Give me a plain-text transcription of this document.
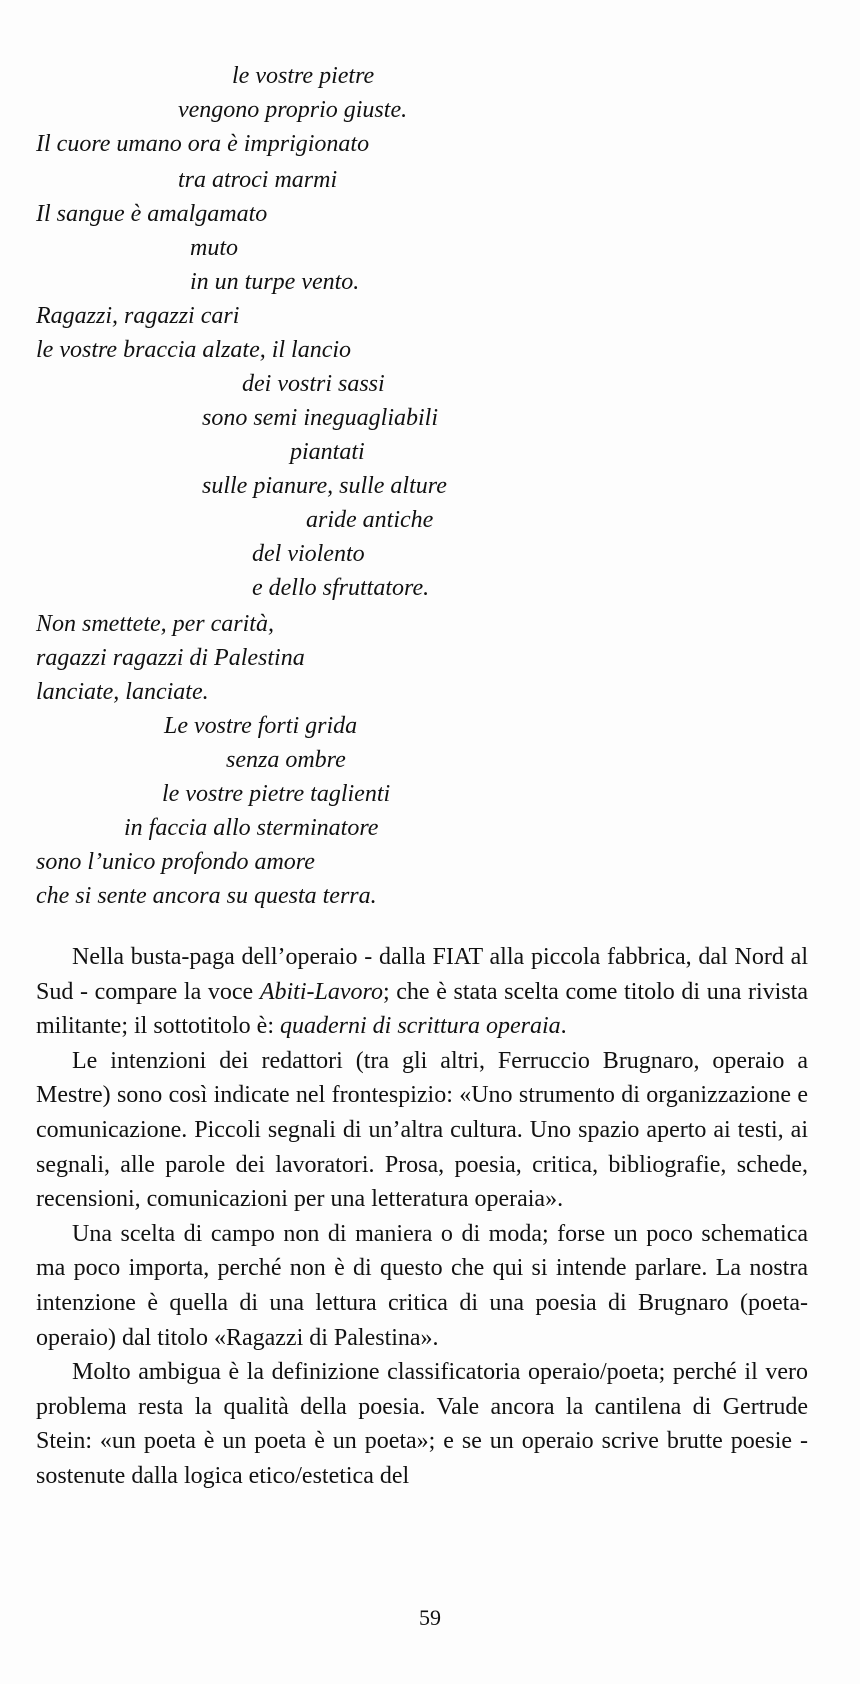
le vostre pietre
vengono proprio giuste.
Il cuore umano ora è imprigionato
tra atroci marmi
Il sangue è amalgamato
muto
in un turpe vento.
Ragazzi, ragazzi cari
le vostre braccia alzate, il lancio
dei vostri sassi
sono semi ineguagliabili
piantati
sulle pianure, sulle alture
aride antiche
del violento
e dello sfruttatore.
Non smettete, per carità,
ragazzi ragazzi di Palestina
lanciate, lanciate.
Le vostre forti grida
senza ombre
le vostre pietre taglienti
in faccia allo sterminatore
sono l’unico profondo amore
che si sente ancora su questa terra.

Nella busta-paga dell’operaio - dalla FIAT alla piccola fabbrica, dal Nord al Sud - compare la voce Abiti-Lavoro; che è stata scelta come titolo di una rivista militante; il sottotitolo è: quaderni di scrittura operaia.

Le intenzioni dei redattori (tra gli altri, Ferruccio Brugnaro, operaio a Mestre) sono così indicate nel frontespizio: «Uno strumento di organizzazione e comunicazione. Piccoli segnali di un’altra cultura. Uno spazio aperto ai testi, ai segnali, alle parole dei lavoratori. Prosa, poesia, critica, bibliografie, schede, recensioni, comunicazioni per una letteratura operaia».

Una scelta di campo non di maniera o di moda; forse un poco schematica ma poco importa, perché non è di questo che qui si intende parlare. La nostra intenzione è quella di una lettura critica di una poesia di Brugnaro (poeta-operaio) dal titolo «Ragazzi di Palestina».

Molto ambigua è la definizione classificatoria operaio/poeta; perché il vero problema resta la qualità della poesia. Vale ancora la cantilena di Gertrude Stein: «un poeta è un poeta è un poeta»; e se un operaio scrive brutte poesie - sostenute dalla logica etico/estetica del

59
